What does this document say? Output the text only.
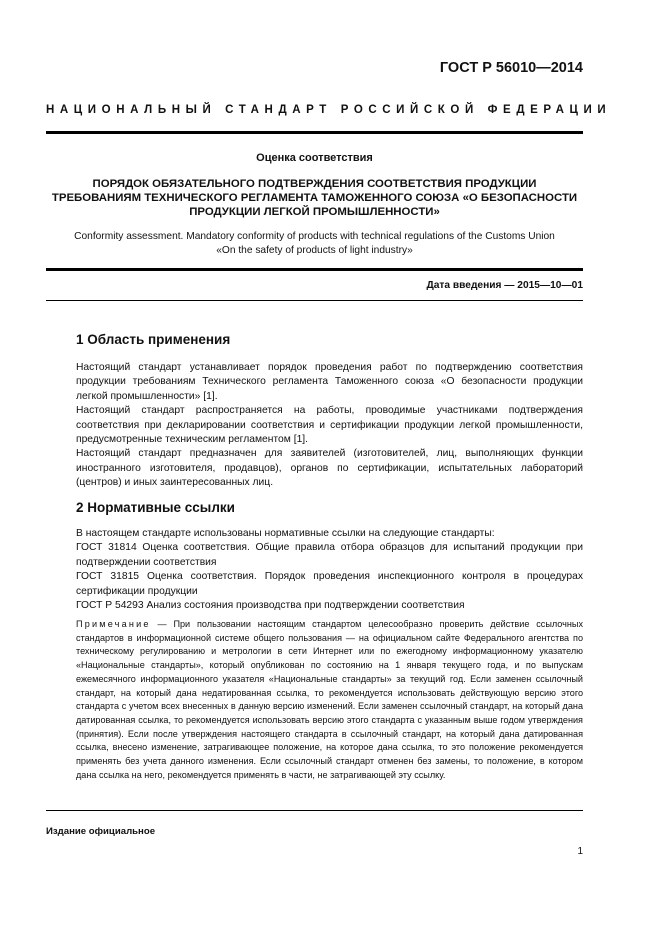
ГОСТ Р 56010—2014
НАЦИОНАЛЬНЫЙ СТАНДАРТ РОССИЙСКОЙ ФЕДЕРАЦИИ
Оценка соответствия
ПОРЯДОК ОБЯЗАТЕЛЬНОГО ПОДТВЕРЖДЕНИЯ СООТВЕТСТВИЯ ПРОДУКЦИИ
ТРЕБОВАНИЯМ ТЕХНИЧЕСКОГО РЕГЛАМЕНТА ТАМОЖЕННОГО СОЮЗА «О БЕЗОПАСНОСТИ
ПРОДУКЦИИ ЛЕГКОЙ ПРОМЫШЛЕННОСТИ»
Conformity assessment. Mandatory conformity of products with technical regulations of the Customs Union
«On the safety of products of light industry»
Дата введения — 2015—10—01
1 Область применения

Настоящий стандарт устанавливает порядок проведения работ по подтверждению соответствия продукции требованиям Технического регламента Таможенного союза «О безопасности продукции легкой промышленности» [1].

Настоящий стандарт распространяется на работы, проводимые участниками подтверждения соответствия при декларировании соответствия и сертификации продукции легкой промышленности, предусмотренные техническим регламентом [1].

Настоящий стандарт предназначен для заявителей (изготовителей, лиц, выполняющих функции иностранного изготовителя, продавцов), органов по сертификации, испытательных лабораторий (центров) и иных заинтересованных лиц.

2 Нормативные ссылки

В настоящем стандарте использованы нормативные ссылки на следующие стандарты:

ГОСТ 31814 Оценка соответствия. Общие правила отбора образцов для испытаний продукции при подтверждении соответствия

ГОСТ 31815 Оценка соответствия. Порядок проведения инспекционного контроля в процедурах сертификации продукции

ГОСТ Р 54293 Анализ состояния производства при подтверждении соответствия

Примечание — При пользовании настоящим стандартом целесообразно проверить действие ссылочных стандартов в информационной системе общего пользования — на официальном сайте Федерального агентства по техническому регулированию и метрологии в сети Интернет или по ежегодному информационному указателю «Национальные стандарты», который опубликован по состоянию на 1 января текущего года, и по выпускам ежемесячного информационного указателя «Национальные стандарты» за текущий год. Если заменен ссылочный стандарт, на который дана недатированная ссылка, то рекомендуется использовать действующую версию этого стандарта с учетом всех внесенных в данную версию изменений. Если заменен ссылочный стандарт, на который дана датированная ссылка, то рекомендуется использовать версию этого стандарта с указанным выше годом утверждения (принятия). Если после утверждения настоящего стандарта в ссылочный стандарт, на который дана датированная ссылка, внесено изменение, затрагивающее положение, на которое дана ссылка, то это положение рекомендуется применять без учета данного изменения. Если ссылочный стандарт отменен без замены, то положение, в котором дана ссылка на него, рекомендуется применять в части, не затрагивающей эту ссылку.
Издание официальное
1
